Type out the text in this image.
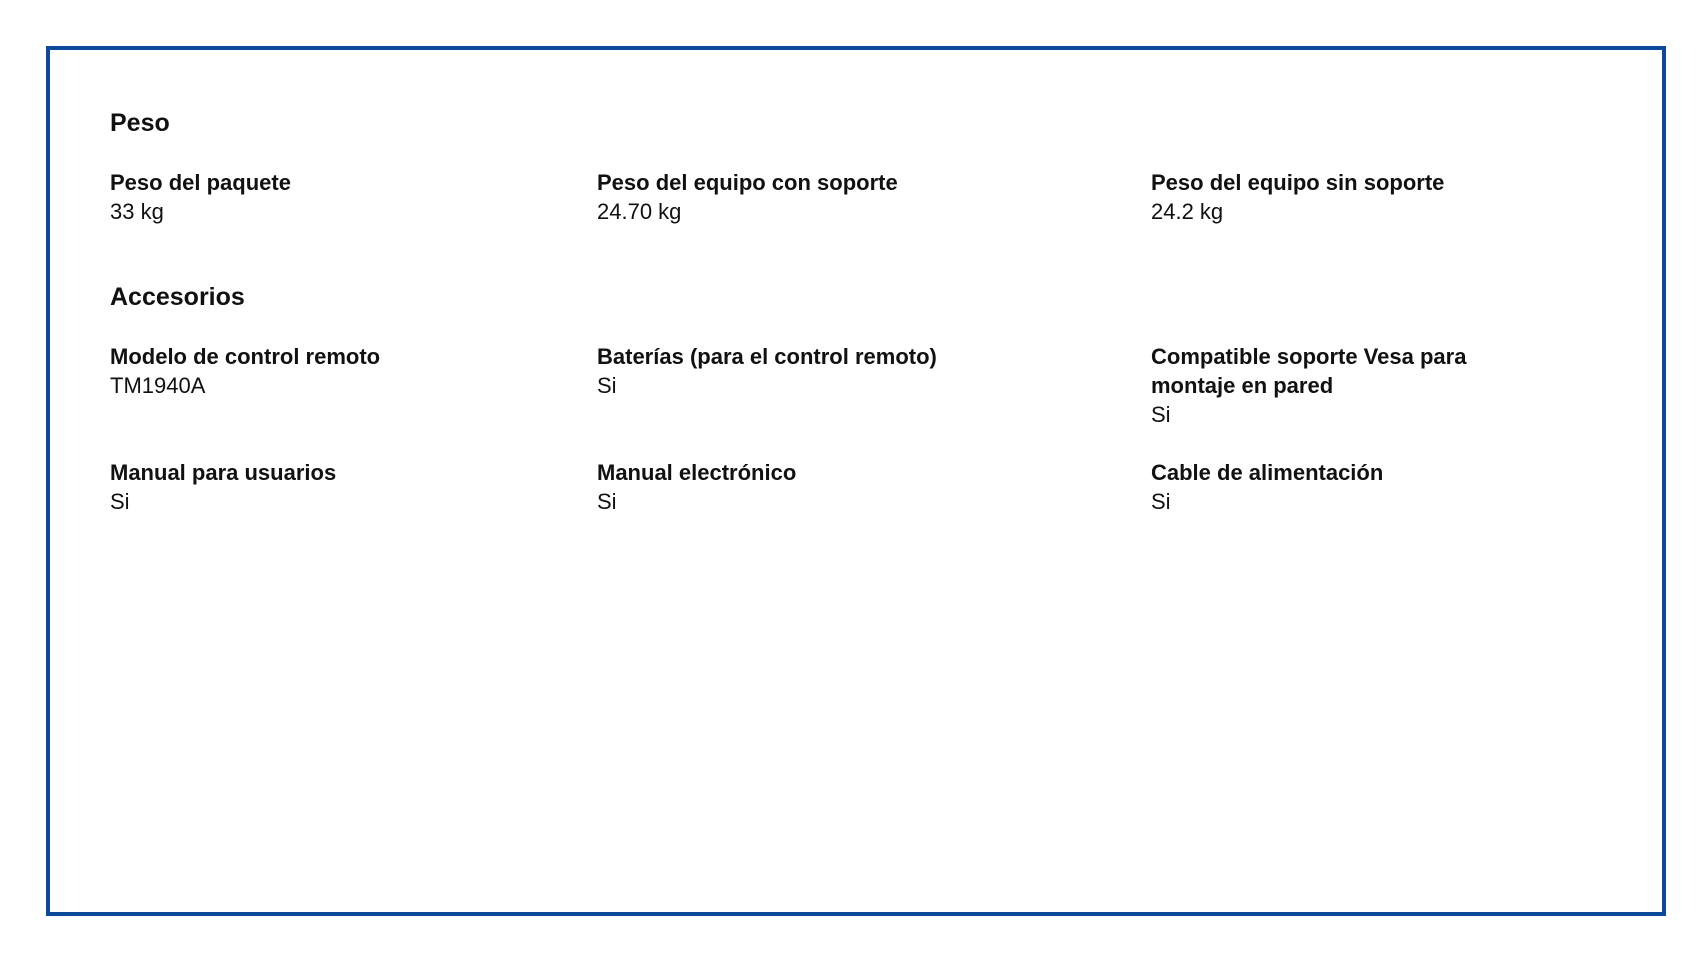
Peso

Peso del paquete

33 kg

Peso del equipo con soporte

24.70 kg

Peso del equipo sin soporte

24.2 kg

Accesorios

Modelo de control remoto

TM1940A

Baterías (para el control remoto)

Si

Compatible soporte Vesa para

montaje en pared

Si

Manual para usuarios

Si

Manual electrónico

Si

Cable de alimentación

Si
